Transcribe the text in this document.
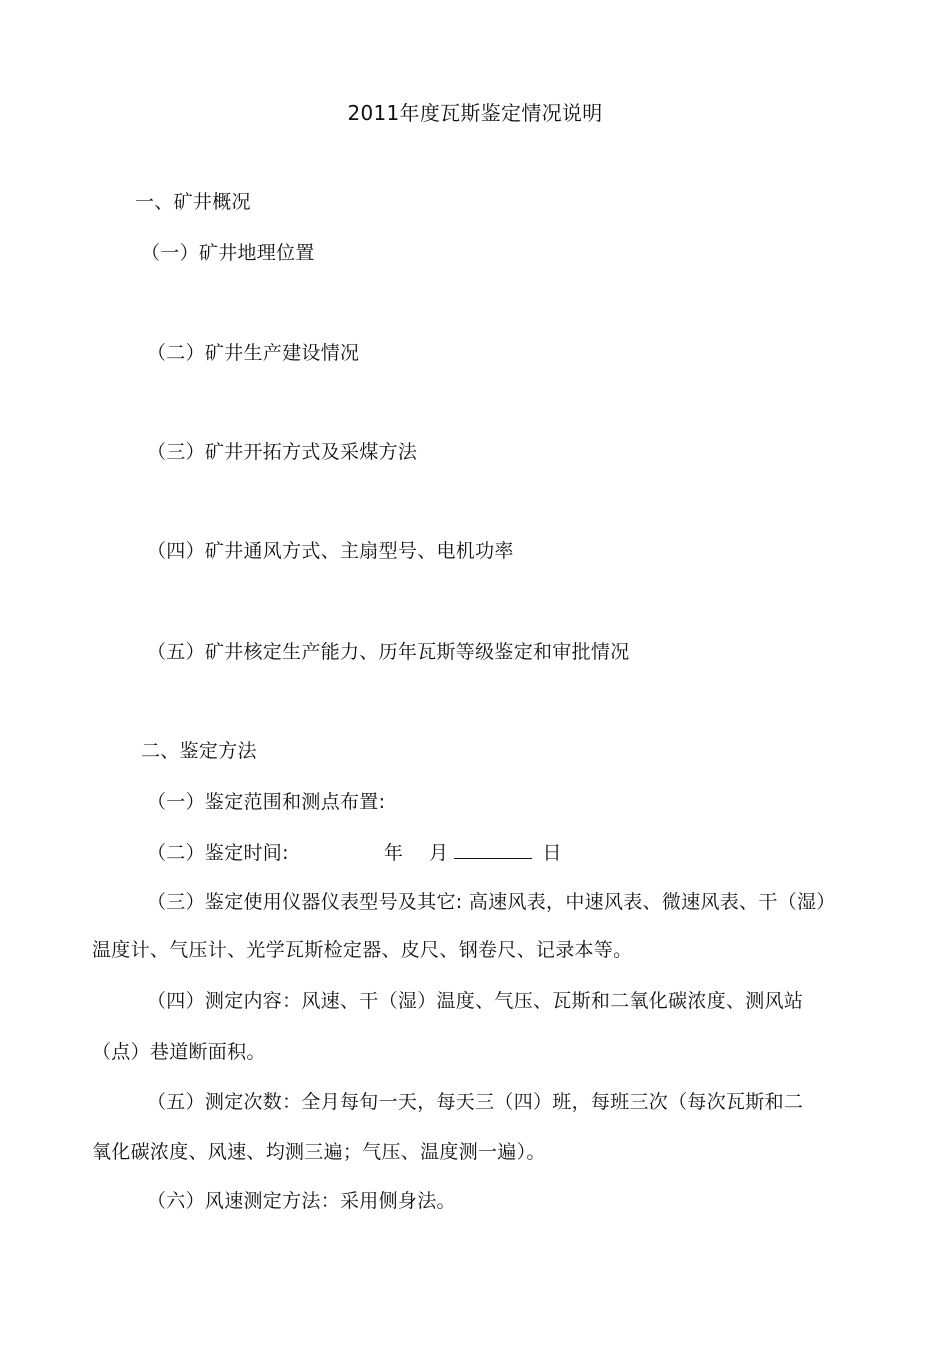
2011年度瓦斯鉴定情况说明
一、矿井概况
（一）矿井地理位置
（二）矿井生产建设情况
（三）矿井开拓方式及采煤方法
（四）矿井通风方式、主扇型号、电机功率
（五）矿井核定生产能力、历年瓦斯等级鉴定和审批情况
二、鉴定方法
（一）鉴定范围和测点布置:
（二）鉴定时间:	年 月	日
（三）鉴定使用仪器仪表型号及其它: 高速风表，中速风表、微速风表、干（湿）
温度计、气压计、光学瓦斯检定器、皮尺、钢卷尺、记录本等。
（四）测定内容：风速、干（湿）温度、气压、瓦斯和二氧化碳浓度、测风站
（点）巷道断面积。
（五）测定次数：全月每旬一天，每天三（四）班，每班三次（每次瓦斯和二
氧化碳浓度、风速、均测三遍；气压、温度测一遍）。
（六）风速测定方法：采用侧身法。
